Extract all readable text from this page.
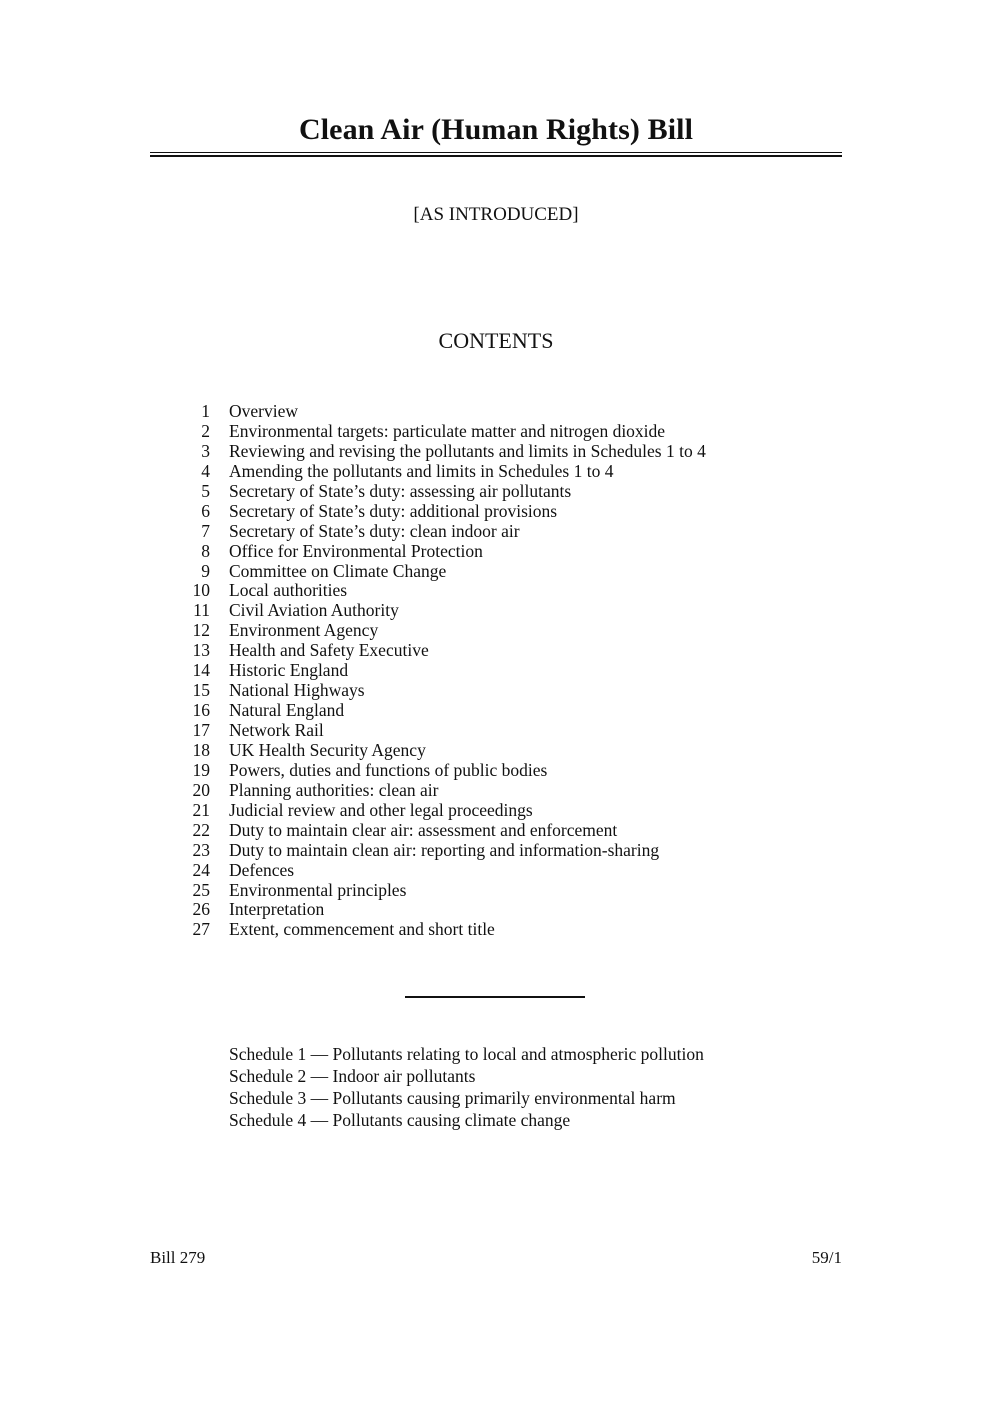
Clean Air (Human Rights) Bill
[AS INTRODUCED]
CONTENTS
1	Overview
2	Environmental targets: particulate matter and nitrogen dioxide
3	Reviewing and revising the pollutants and limits in Schedules 1 to 4
4	Amending the pollutants and limits in Schedules 1 to 4
5	Secretary of State’s duty: assessing air pollutants
6	Secretary of State’s duty: additional provisions
7	Secretary of State’s duty: clean indoor air
8	Office for Environmental Protection
9	Committee on Climate Change
10	Local authorities
11	Civil Aviation Authority
12	Environment Agency
13	Health and Safety Executive
14	Historic England
15	National Highways
16	Natural England
17	Network Rail
18	UK Health Security Agency
19	Powers, duties and functions of public bodies
20	Planning authorities: clean air
21	Judicial review and other legal proceedings
22	Duty to maintain clear air: assessment and enforcement
23	Duty to maintain clean air: reporting and information-sharing
24	Defences
25	Environmental principles
26	Interpretation
27	Extent, commencement and short title
Schedule 1 — Pollutants relating to local and atmospheric pollution
Schedule 2 — Indoor air pollutants
Schedule 3 — Pollutants causing primarily environmental harm
Schedule 4 — Pollutants causing climate change
Bill 279	59/1
